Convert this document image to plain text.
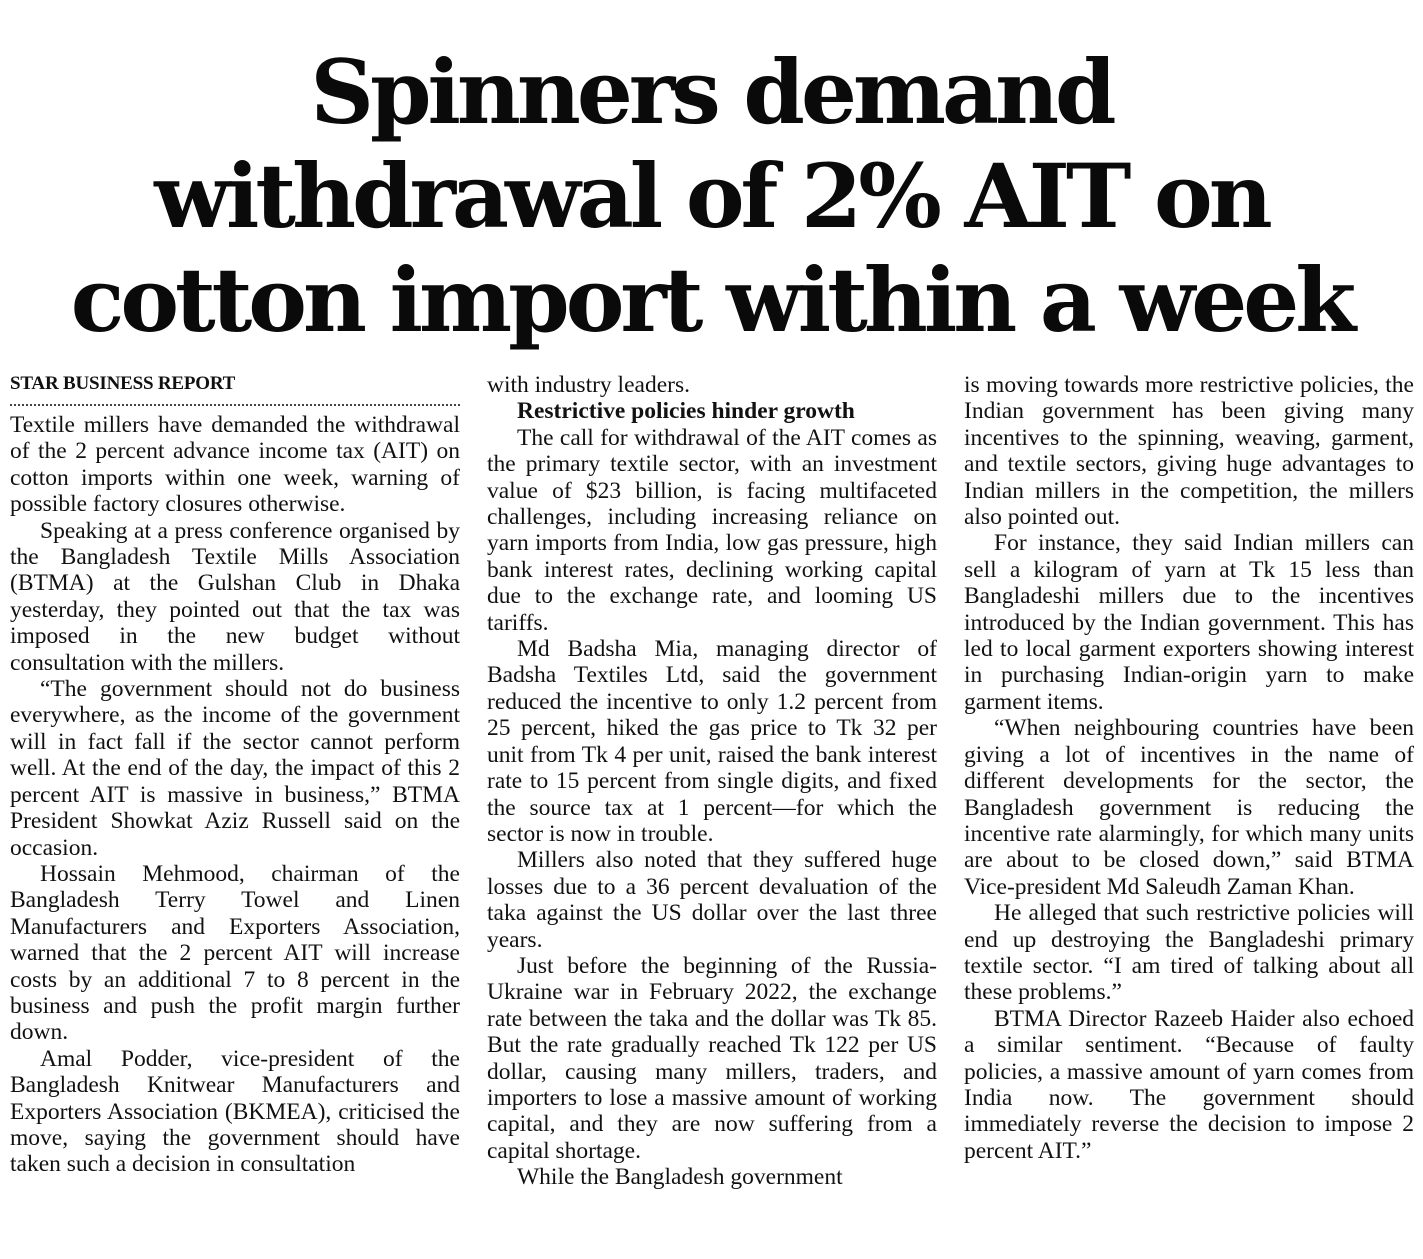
Spinners demand
withdrawal of 2% AIT on
cotton import within a week
STAR BUSINESS REPORT

Textile millers have demanded the withdrawal of the 2 percent advance income tax (AIT) on cotton imports within one week, warning of possible factory closures otherwise.

Speaking at a press conference organised by the Bangladesh Textile Mills Association (BTMA) at the Gulshan Club in Dhaka yesterday, they pointed out that the tax was imposed in the new budget without consultation with the millers.

“The government should not do business everywhere, as the income of the government will in fact fall if the sector cannot perform well. At the end of the day, the impact of this 2 percent AIT is massive in business,” BTMA President Showkat Aziz Russell said on the occasion.

Hossain Mehmood, chairman of the Bangladesh Terry Towel and Linen Manufacturers and Exporters Association, warned that the 2 percent AIT will increase costs by an additional 7 to 8 percent in the business and push the profit margin further down.

Amal Podder, vice-president of the Bangladesh Knitwear Manufacturers and Exporters Association (BKMEA), criticised the move, saying the government should have taken such a decision in consultation

with industry leaders.

Restrictive policies hinder growth

The call for withdrawal of the AIT comes as the primary textile sector, with an investment value of $23 billion, is facing multifaceted challenges, including increasing reliance on yarn imports from India, low gas pressure, high bank interest rates, declining working capital due to the exchange rate, and looming US tariffs.

Md Badsha Mia, managing director of Badsha Textiles Ltd, said the government reduced the incentive to only 1.2 percent from 25 percent, hiked the gas price to Tk 32 per unit from Tk 4 per unit, raised the bank interest rate to 15 percent from single digits, and fixed the source tax at 1 percent—for which the sector is now in trouble.

Millers also noted that they suffered huge losses due to a 36 percent devaluation of the taka against the US dollar over the last three years.

Just before the beginning of the Russia-Ukraine war in February 2022, the exchange rate between the taka and the dollar was Tk 85. But the rate gradually reached Tk 122 per US dollar, causing many millers, traders, and importers to lose a massive amount of working capital, and they are now suffering from a capital shortage.

While the Bangladesh government

is moving towards more restrictive policies, the Indian government has been giving many incentives to the spinning, weaving, garment, and textile sectors, giving huge advantages to Indian millers in the competition, the millers also pointed out.

For instance, they said Indian millers can sell a kilogram of yarn at Tk 15 less than Bangladeshi millers due to the incentives introduced by the Indian government. This has led to local garment exporters showing interest in purchasing Indian-origin yarn to make garment items.

“When neighbouring countries have been giving a lot of incentives in the name of different developments for the sector, the Bangladesh government is reducing the incentive rate alarmingly, for which many units are about to be closed down,” said BTMA Vice-president Md Saleudh Zaman Khan.

He alleged that such restrictive policies will end up destroying the Bangladeshi primary textile sector. “I am tired of talking about all these problems.”

BTMA Director Razeeb Haider also echoed a similar sentiment. “Because of faulty policies, a massive amount of yarn comes from India now. The government should immediately reverse the decision to impose 2 percent AIT.”
